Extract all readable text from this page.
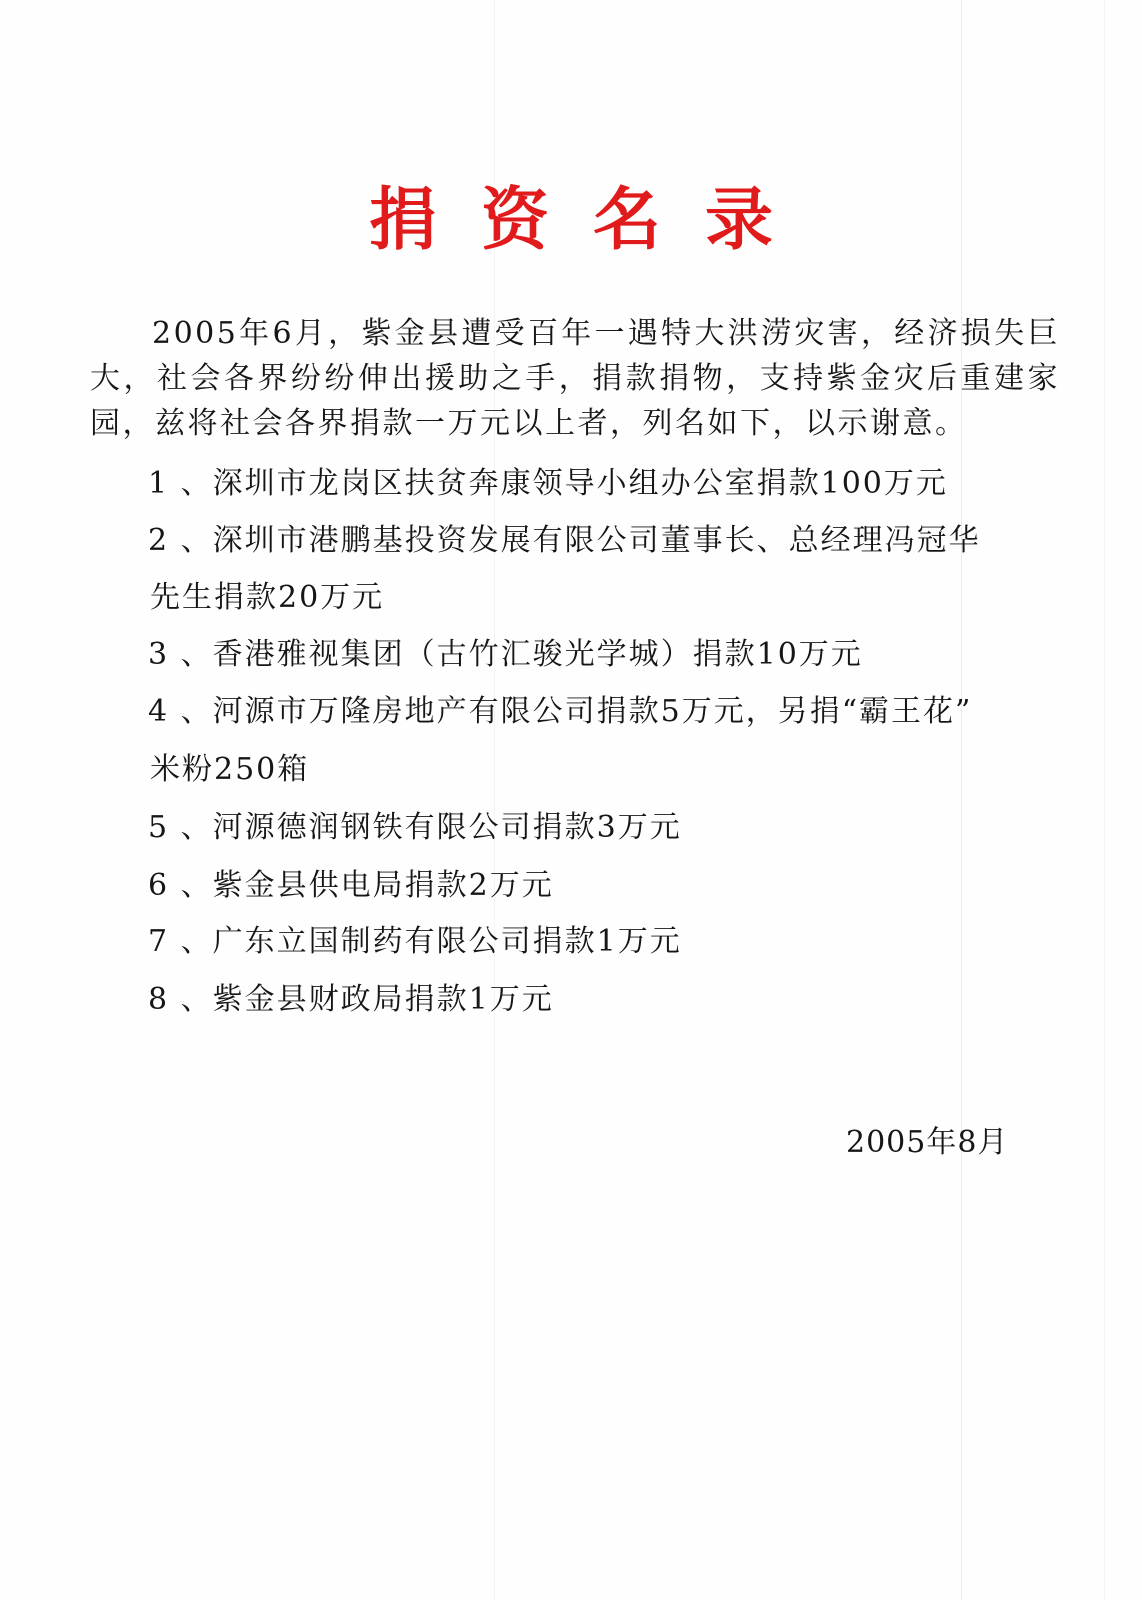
捐资名录

2005年6月，紫金县遭受百年一遇特大洪涝灾害，经济损失巨大，社会各界纷纷伸出援助之手，捐款捐物，支持紫金灾后重建家园，兹将社会各界捐款一万元以上者，列名如下，以示谢意。

1 、深圳市龙岗区扶贫奔康领导小组办公室捐款100万元

2 、深圳市港鹏基投资发展有限公司董事长、总经理冯冠华

先生捐款20万元

3 、香港雅视集团（古竹汇骏光学城）捐款10万元

4 、河源市万隆房地产有限公司捐款5万元，另捐“霸王花”

米粉250箱

5 、河源德润钢铁有限公司捐款3万元

6 、紫金县供电局捐款2万元

7 、广东立国制药有限公司捐款1万元

8 、紫金县财政局捐款1万元

2005年8月
